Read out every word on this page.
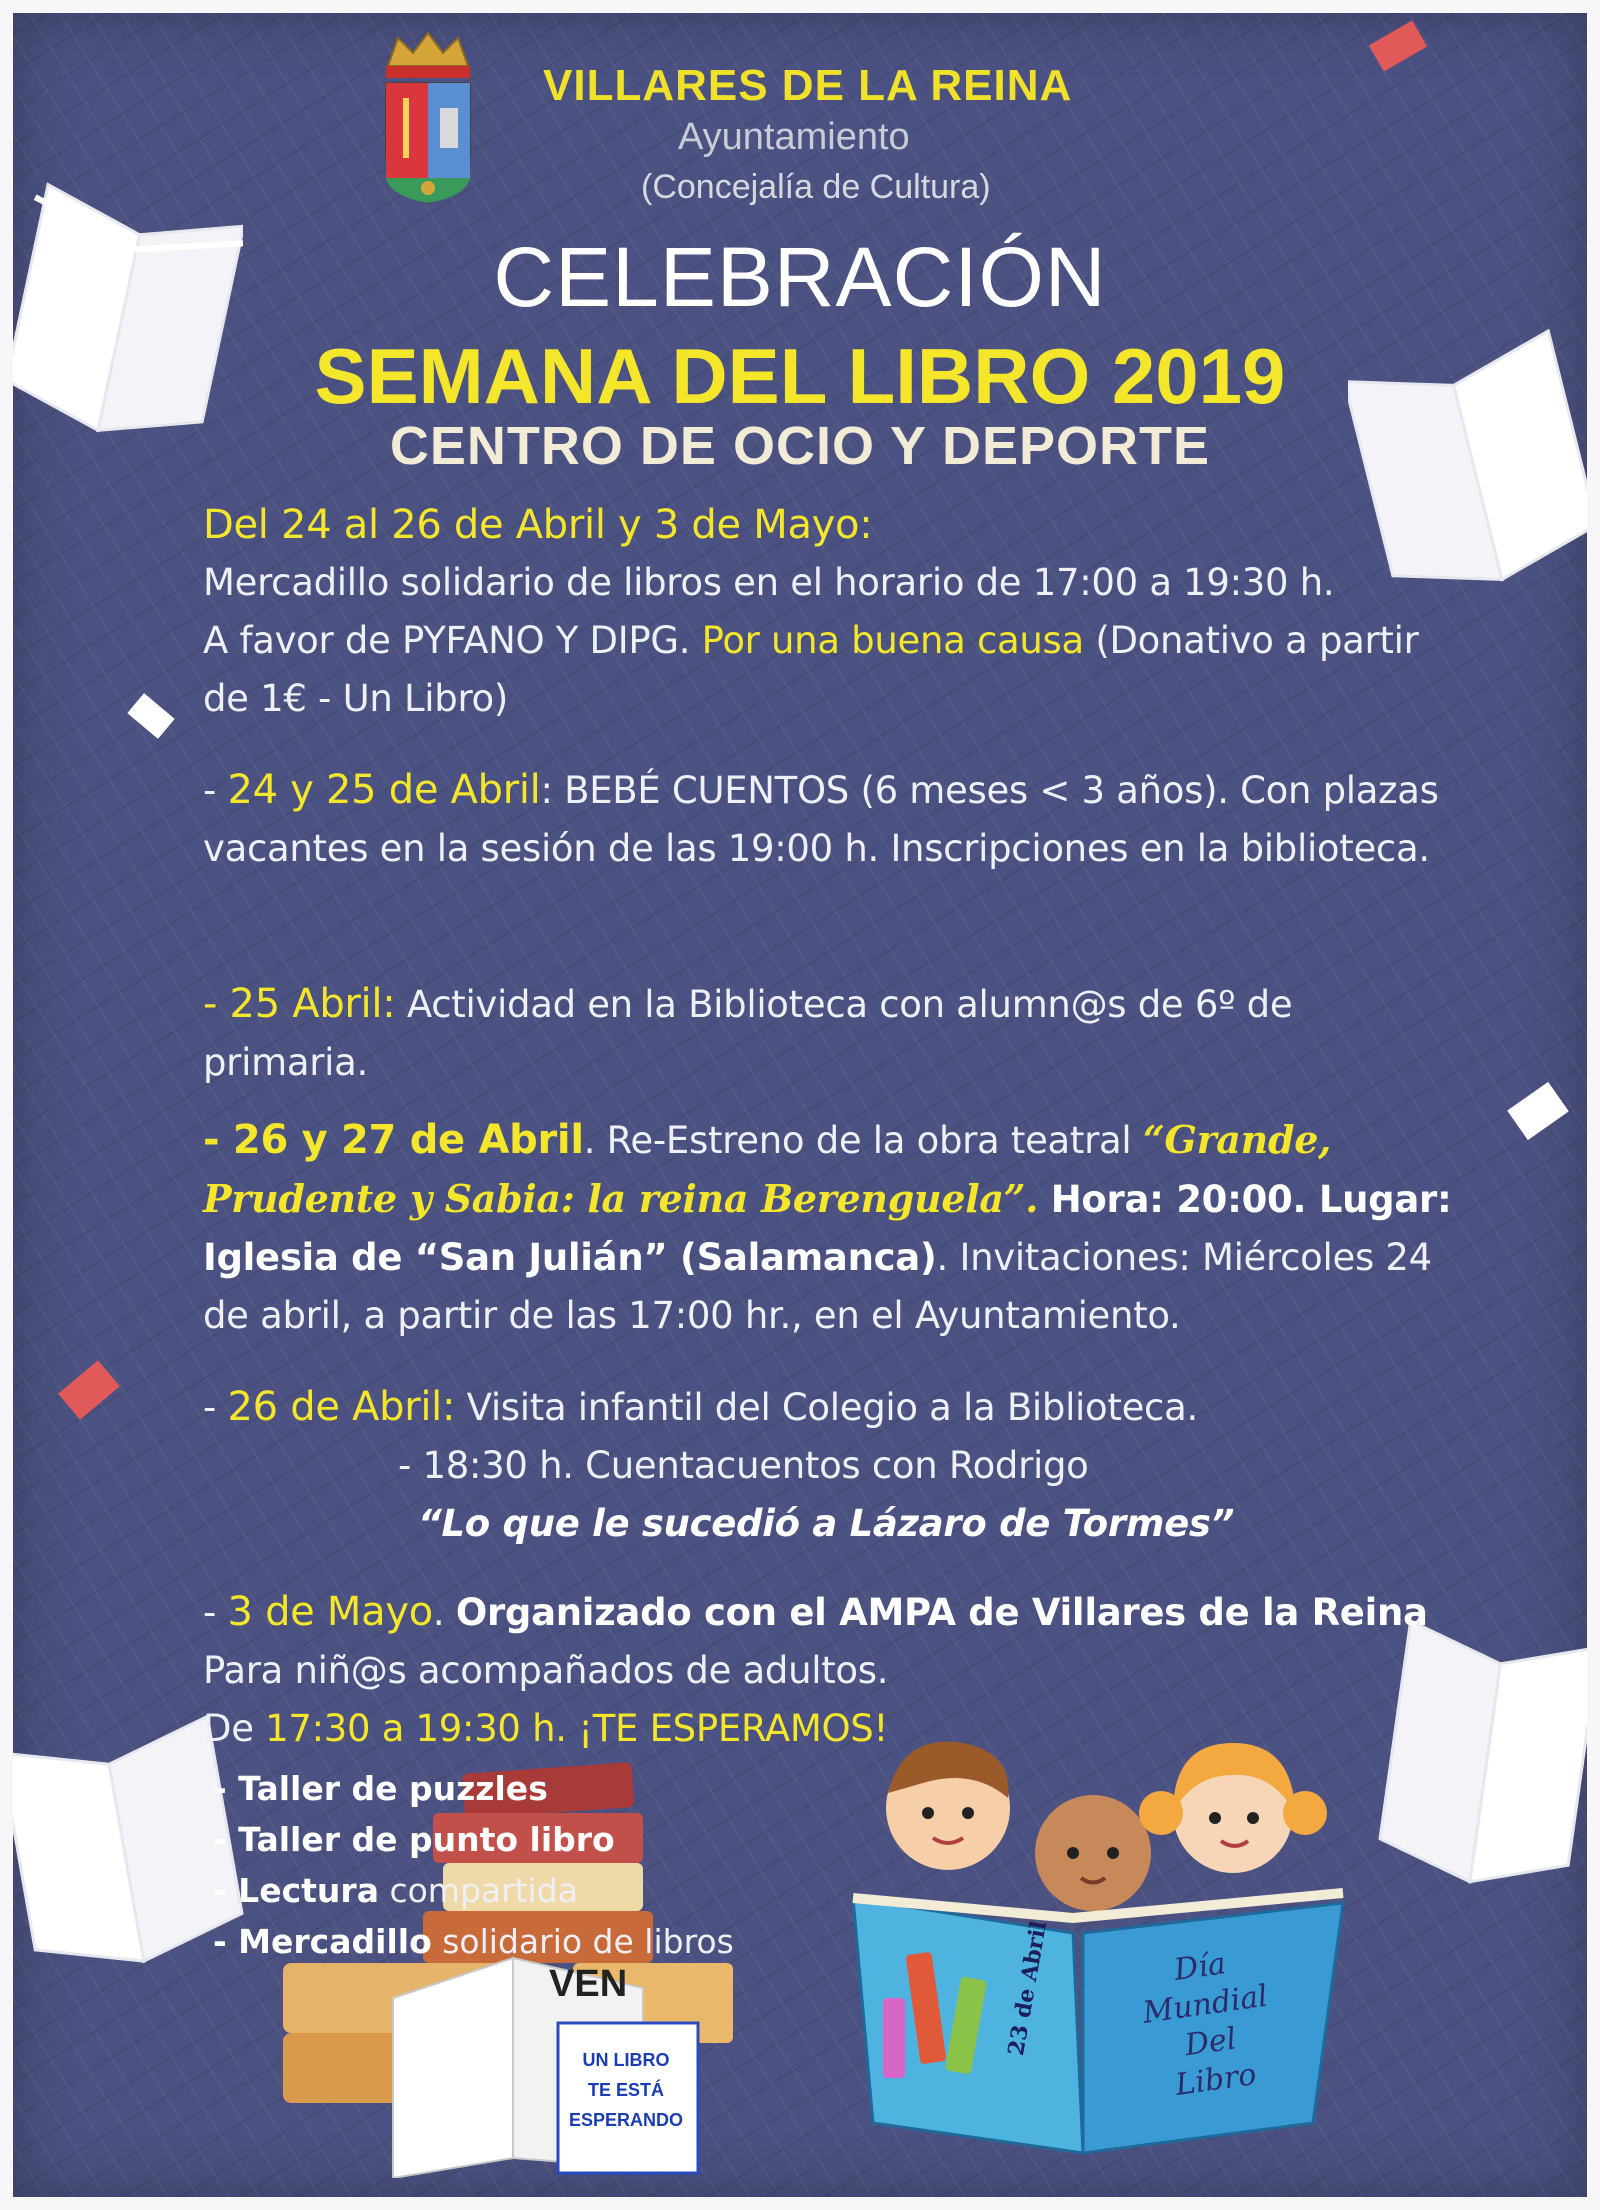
VILLARES DE LA REINA
Ayuntamiento
(Concejalía de Cultura)
CELEBRACIÓN
SEMANA DEL LIBRO 2019
CENTRO DE OCIO Y DEPORTE
Del 24 al 26 de Abril y 3 de Mayo:
Mercadillo solidario de libros en el horario de 17:00 a 19:30 h.
A favor de PYFANO Y DIPG. Por una buena causa (Donativo a partir de 1€ - Un Libro)
- 24 y 25 de Abril: BEBÉ CUENTOS (6 meses < 3 años). Con plazas vacantes en la sesión de las 19:00 h. Inscripciones en la biblioteca.
- 25 Abril: Actividad en la Biblioteca con alumn@s de 6º de primaria.
- 26 y 27 de Abril. Re-Estreno de la obra teatral “Grande, Prudente y Sabia: la reina Berenguela”. Hora: 20:00. Lugar: Iglesia de “San Julián” (Salamanca). Invitaciones: Miércoles 24 de abril, a partir de las 17:00 hr., en el Ayuntamiento.
- 26 de Abril: Visita infantil del Colegio a la Biblioteca.
- 18:30 h. Cuentacuentos con Rodrigo
“Lo que le sucedió a Lázaro de Tormes”
- 3 de Mayo. Organizado con el AMPA de Villares de la Reina
Para niñ@s acompañados de adultos.
De 17:30 a 19:30 h. ¡TE ESPERAMOS!
VEN
UN LIBRO
TE ESTÁ
ESPERANDO
- Taller de puzzles
- Taller de punto libro
- Lectura compartida
- Mercadillo solidario de libros
Día Mundial
Del
Libro
23 de Abril
